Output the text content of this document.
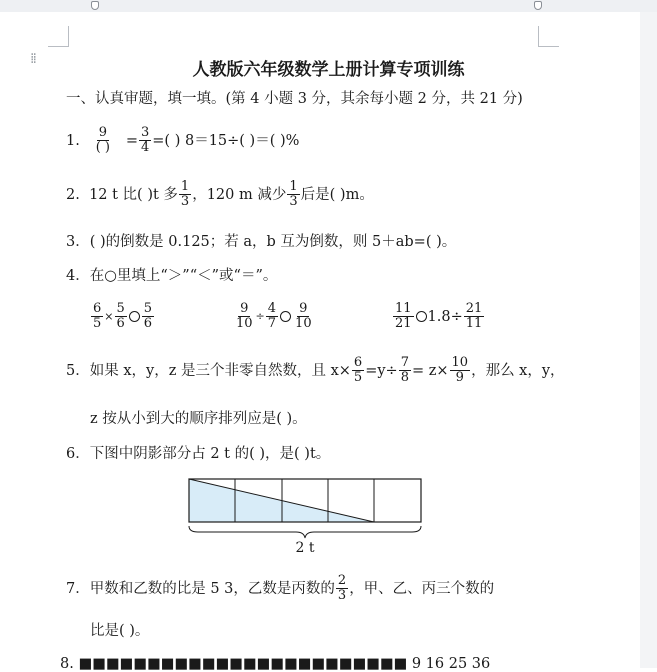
⁞⁞
人教版六年级数学上册计算专项训练
一、认真审题，填一填。(第 4 小题 3 分，其余每小题 2 分，共 21 分)
1. $\frac{9}{( )} = \frac{3}{4}$ =( ) 8＝15÷( )＝( )%
2. 12 t 比( )t 多 $\frac{1}{3}$ ，120 m 减少 $\frac{1}{3}$ 后是( )m。
3．( )的倒数是 0.125；若 a，b 互为倒数，则 5＋ab=( )。
4．在○里填上“＞”“＜”或“＝”。
$\frac{6}{5} \times \frac{5}{6} \frac{5}{6}$	$\frac{9}{10} \div \frac{4}{7} \frac{9}{10}$	$\frac{11}{21} 1.8\div \frac{21}{11}$
5．如果 x，y，z 是三个非零自然数，且 $x\times \frac{6}{5} =y\div \frac{7}{8} = z\times \frac{10}{9}$ ，那么 x，y，
z 按从小到大的顺序排列应是( )。
6．下图中阴影部分占 2 t 的( )，是( )t。
2 t
7．甲数和乙数的比是 5 3，乙数是丙数的 $\frac{2}{3}$ ，甲、乙、丙三个数的
比是( )。
8. ■■■■■■■■■■■■■■■■■■■■■■■■ 9 16 25 36
